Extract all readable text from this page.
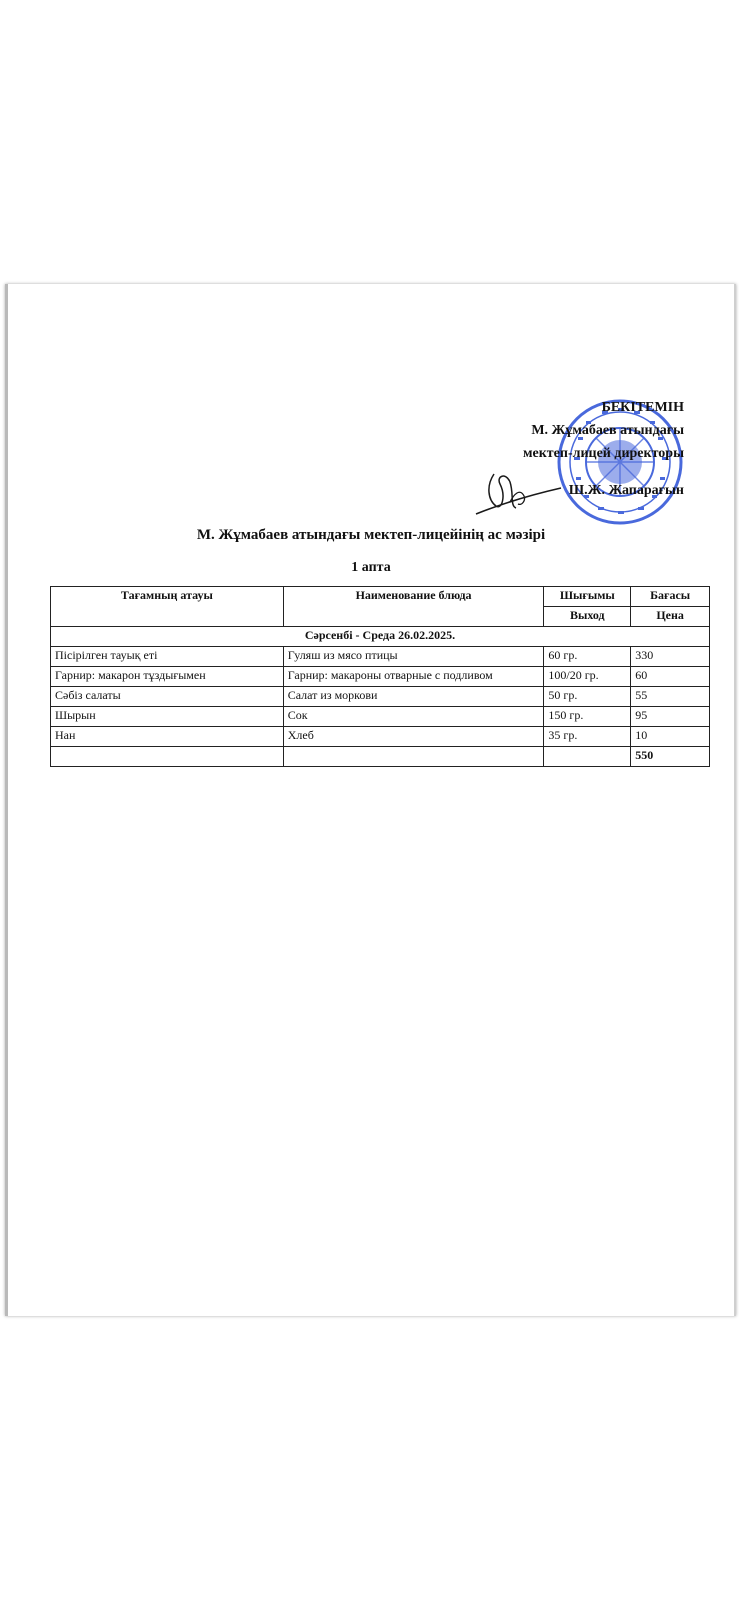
БЕКІТЕМІН
М. Жұмабаев атындағы
мектеп-лицей директоры
Ш.Ж. Жапарағын
М. Жұмабаев атындағы мектеп-лицейінің ас мәзірі
1 апта
Тағамның атауы	Наименование блюда	Шығымы	Бағасы
		Выход	Цена
Сәрсенбі - Среда 26.02.2025.			
Пісірілген тауық еті	Гуляш из мясо птицы	60 гр.	330
Гарнир: макарон тұздығымен	Гарнир: макароны отварные с подливом	100/20 гр.	60
Сәбіз салаты	Салат из моркови	50 гр.	55
Шырын	Сок	150 гр.	95
Нан	Хлеб	35 гр.	10
			550
